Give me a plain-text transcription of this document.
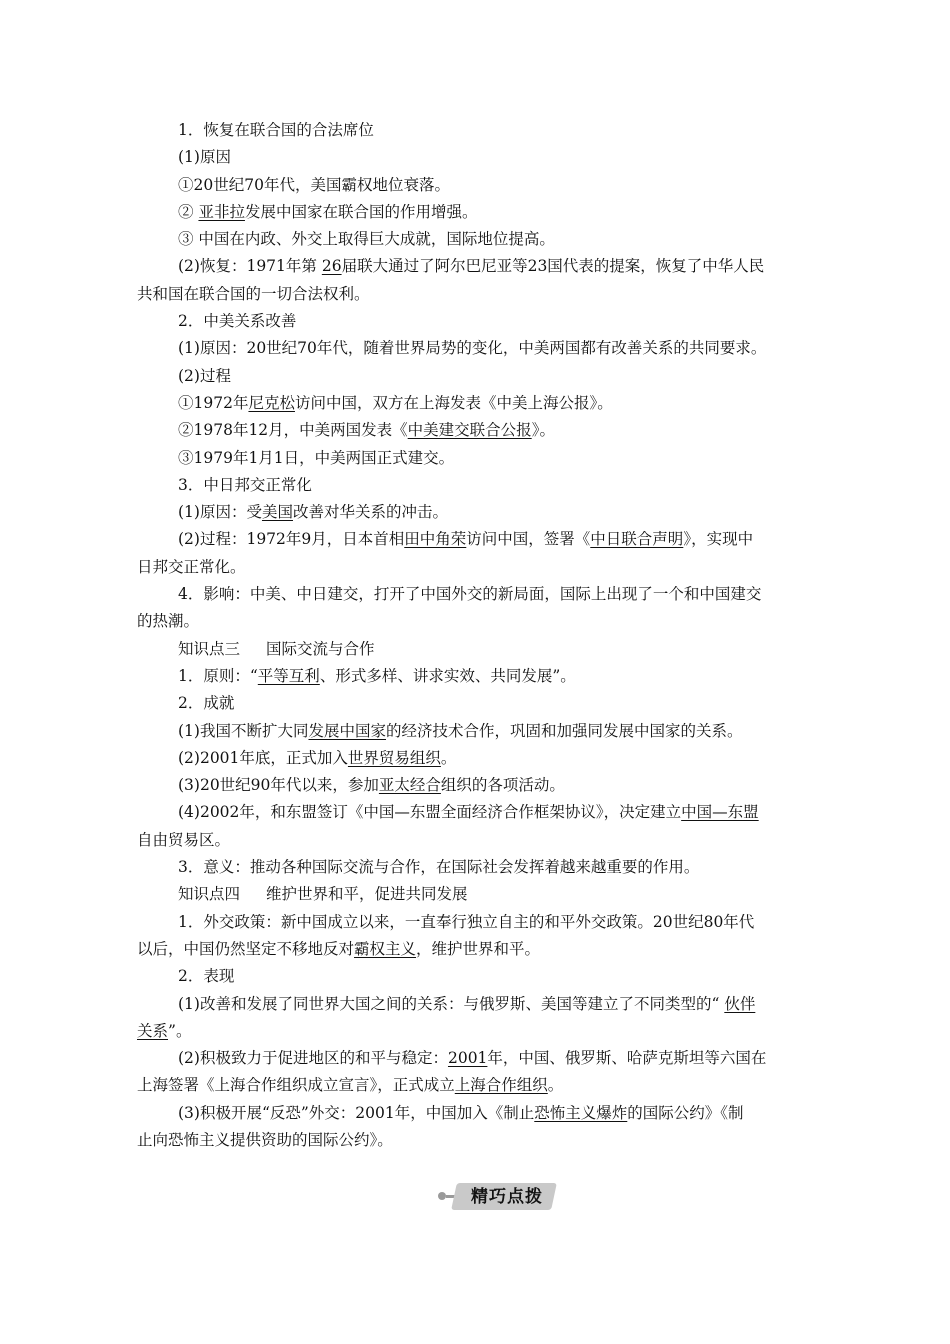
1．恢复在联合国的合法席位
(1)原因
①20世纪70年代，美国霸权地位衰落。
② 亚非拉发展中国家在联合国的作用增强。
③ 中国在内政、外交上取得巨大成就，国际地位提高。
(2)恢复：1971年第 26届联大通过了阿尔巴尼亚等23国代表的提案，恢复了中华人民
共和国在联合国的一切合法权利。
2．中美关系改善
(1)原因：20世纪70年代，随着世界局势的变化，中美两国都有改善关系的共同要求。
(2)过程
①1972年尼克松访问中国，双方在上海发表《中美上海公报》。
②1978年12月，中美两国发表《中美建交联合公报》。
③1979年1月1日，中美两国正式建交。
3．中日邦交正常化
(1)原因：受美国改善对华关系的冲击。
(2)过程：1972年9月，日本首相田中角荣访问中国，签署《中日联合声明》，实现中
日邦交正常化。
4．影响：中美、中日建交，打开了中国外交的新局面，国际上出现了一个和中国建交
的热潮。
知识点三 国际交流与合作
1．原则：“平等互利、形式多样、讲求实效、共同发展”。
2．成就
(1)我国不断扩大同发展中国家的经济技术合作，巩固和加强同发展中国家的关系。
(2)2001年底，正式加入世界贸易组织。
(3)20世纪90年代以来，参加亚太经合组织的各项活动。
(4)2002年，和东盟签订《中国—东盟全面经济合作框架协议》，决定建立中国—东盟
自由贸易区。
3．意义：推动各种国际交流与合作，在国际社会发挥着越来越重要的作用。
知识点四 维护世界和平，促进共同发展
1．外交政策：新中国成立以来，一直奉行独立自主的和平外交政策。20世纪80年代
以后，中国仍然坚定不移地反对霸权主义，维护世界和平。
2．表现
(1)改善和发展了同世界大国之间的关系：与俄罗斯、美国等建立了不同类型的“ 伙伴
关系”。
(2)积极致力于促进地区的和平与稳定：2001年，中国、俄罗斯、哈萨克斯坦等六国在
上海签署《上海合作组织成立宣言》，正式成立上海合作组织。
(3)积极开展“反恐”外交：2001年，中国加入《制止恐怖主义爆炸的国际公约》《制
止向恐怖主义提供资助的国际公约》。
精巧点拨
